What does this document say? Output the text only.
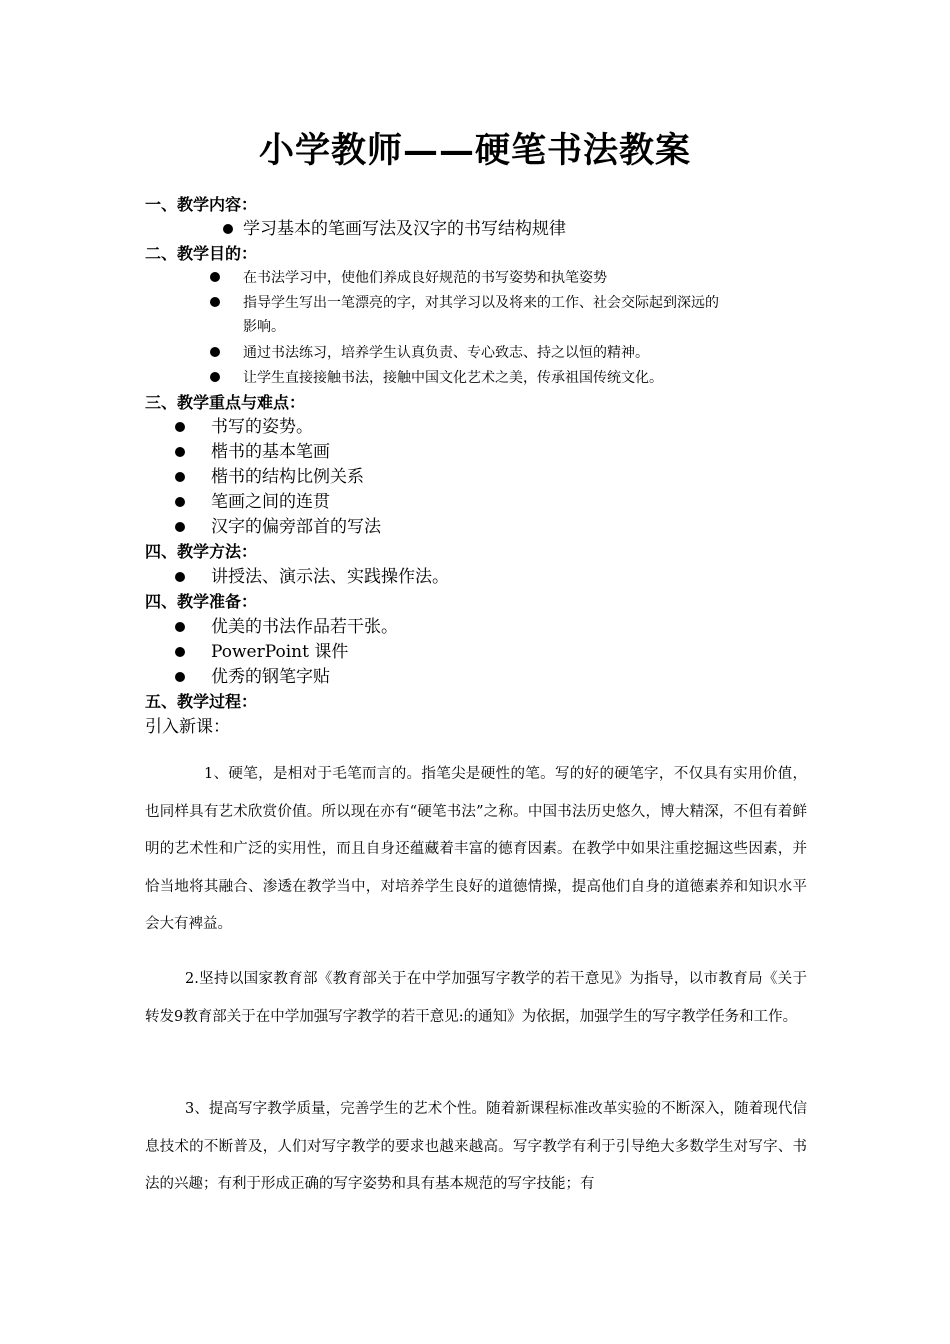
小学教师——硬笔书法教案
一、教学内容：
学习基本的笔画写法及汉字的书写结构规律
二、教学目的：
在书法学习中，使他们养成良好规范的书写姿势和执笔姿势
指导学生写出一笔漂亮的字，对其学习以及将来的工作、社会交际起到深远的
影响。
通过书法练习，培养学生认真负责、专心致志、持之以恒的精神。
让学生直接接触书法，接触中国文化艺术之美，传承祖国传统文化。
三、教学重点与难点：
书写的姿势。
楷书的基本笔画
楷书的结构比例关系
笔画之间的连贯
汉字的偏旁部首的写法
四、教学方法：
讲授法、演示法、实践操作法。
四、教学准备：
优美的书法作品若干张。
PowerPoint 课件
优秀的钢笔字贴
五、教学过程：
引入新课：
1、硬笔，是相对于毛笔而言的。指笔尖是硬性的笔。写的好的硬笔字，不仅具有实用价值，也同样具有艺术欣赏价值。所以现在亦有“硬笔书法”之称。中国书法历史悠久，博大精深，不但有着鲜明的艺术性和广泛的实用性，而且自身还蕴藏着丰富的德育因素。在教学中如果注重挖掘这些因素，并恰当地将其融合、渗透在教学当中，对培养学生良好的道德情操，提高他们自身的道德素养和知识水平会大有裨益。
2.坚持以国家教育部《教育部关于在中学加强写字教学的若干意见》为指导，以市教育局《关于转发9教育部关于在中学加强写字教学的若干意见:的通知》为依据，加强学生的写字教学任务和工作。
3、提高写字教学质量，完善学生的艺术个性。随着新课程标准改革实验的不断深入，随着现代信息技术的不断普及，人们对写字教学的要求也越来越高。写字教学有利于引导绝大多数学生对写字、书法的兴趣；有利于形成正确的写字姿势和具有基本规范的写字技能；有
